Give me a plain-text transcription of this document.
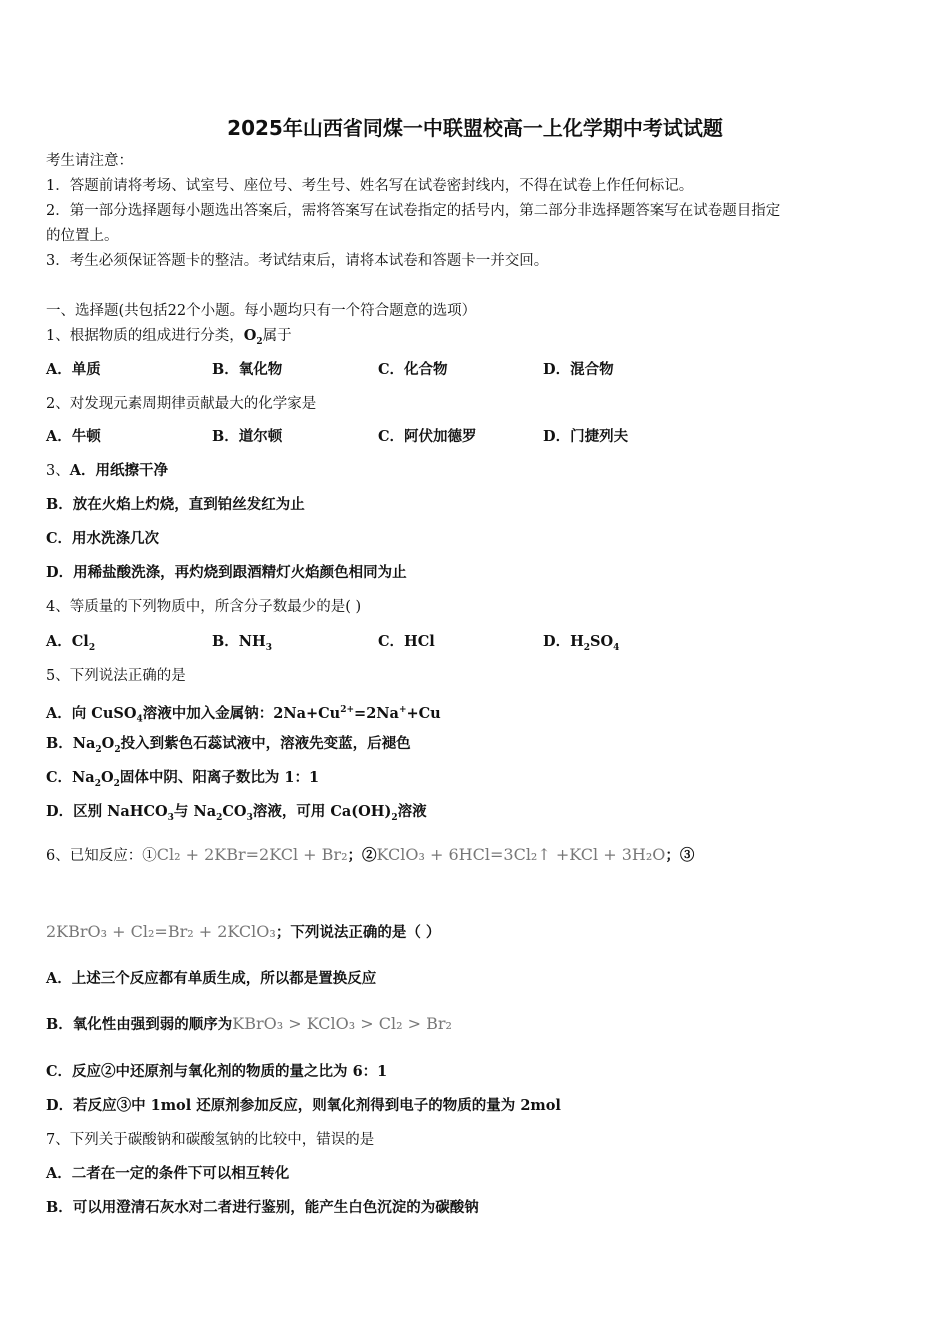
2025年山西省同煤一中联盟校高一上化学期中考试试题
考生请注意：
1．答题前请将考场、试室号、座位号、考生号、姓名写在试卷密封线内，不得在试卷上作任何标记。
2．第一部分选择题每小题选出答案后，需将答案写在试卷指定的括号内，第二部分非选择题答案写在试卷题目指定
的位置上。
3．考生必须保证答题卡的整洁。考试结束后，请将本试卷和答题卡一并交回。
一、选择题(共包括22个小题。每小题均只有一个符合题意的选项）
1、根据物质的组成进行分类，$O_2$属于
A．单质	B．氧化物	C．化合物	D．混合物
2、对发现元素周期律贡献最大的化学家是
A．牛顿	B．道尔顿	C．阿伏加德罗	D．门捷列夫
3、A．用纸擦干净
B．放在火焰上灼烧，直到铂丝发红为止
C．用水洗涤几次
D．用稀盐酸洗涤，再灼烧到跟酒精灯火焰颜色相同为止
4、等质量的下列物质中，所含分子数最少的是( )
A．$Cl_2$	B．$NH_3$	C．HCl	D．$H_2SO_4$
5、下列说法正确的是
A．向 CuSO$_4$溶液中加入金属钠：$2Na+Cu^{2+}=2Na^++Cu$
B．$Na_2O_2$投入到紫色石蕊试液中，溶液先变蓝，后褪色
C．$Na_2O_2$固体中阴、阳离子数比为 1：1
D．区别 NaHCO$_3$与 $Na_2CO_3$溶液，可用 $Ca(OH)_2$溶液
6、已知反应：①Cl₂ + 2KBr=2KCl + Br₂；②KClO₃ + 6HCl=3Cl₂↑ +KCl + 3H₂O；③
2KBrO₃ + Cl₂=Br₂ + 2KClO₃；下列说法正确的是（ ）
A．上述三个反应都有单质生成，所以都是置换反应
B．氧化性由强到弱的顺序为KBrO₃ > KClO₃ > Cl₂ > Br₂
C．反应②中还原剂与氧化剂的物质的量之比为 6：1
D．若反应③中 1mol 还原剂参加反应，则氧化剂得到电子的物质的量为 2mol
7、下列关于碳酸钠和碳酸氢钠的比较中，错误的是
A．二者在一定的条件下可以相互转化
B．可以用澄清石灰水对二者进行鉴别，能产生白色沉淀的为碳酸钠
